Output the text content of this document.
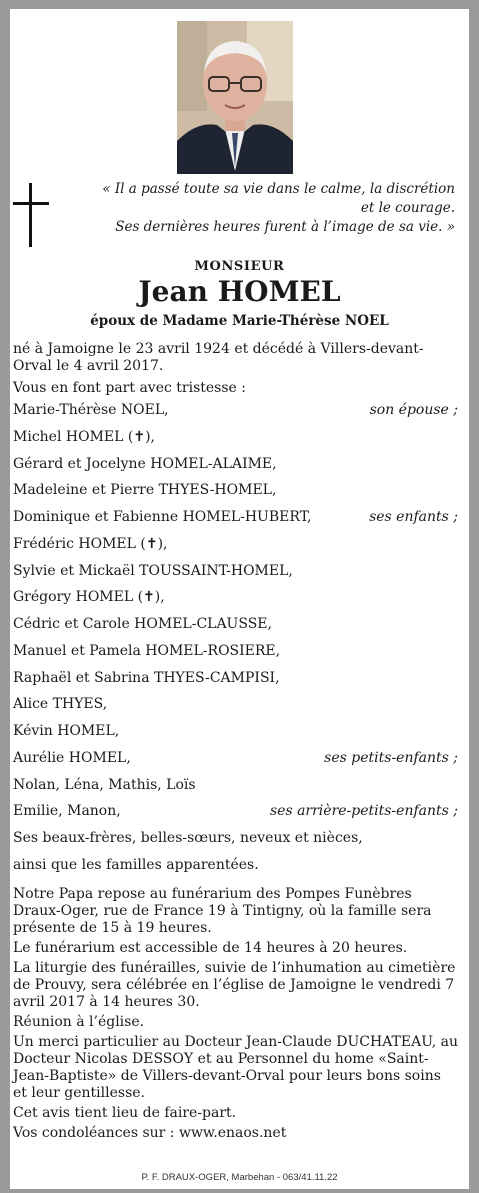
« Il a passé toute sa vie dans le calme, la discrétion
et le courage.
Ses dernières heures furent à l’image de sa vie. »
MONSIEUR
Jean HOMEL
époux de Madame Marie-Thérèse NOEL

né à Jamoigne le 23 avril 1924 et décédé à Villers-devant-Orval le 4 avril 2017.

Vous en font part avec tristesse :

Marie-Thérèse NOEL,	son épouse ;
Michel HOMEL (✝),
Gérard et Jocelyne HOMEL-ALAIME,
Madeleine et Pierre THYES-HOMEL,
Dominique et Fabienne HOMEL-HUBERT,	ses enfants ;
Frédéric HOMEL (✝),
Sylvie et Mickaël TOUSSAINT-HOMEL,
Grégory HOMEL (✝),
Cédric et Carole HOMEL-CLAUSSE,
Manuel et Pamela HOMEL-ROSIERE,
Raphaël et Sabrina THYES-CAMPISI,
Alice THYES,
Kévin HOMEL,
Aurélie HOMEL,	ses petits-enfants ;
Nolan, Léna, Mathis, Loïs
Emilie, Manon,	ses arrière-petits-enfants ;
Ses beaux-frères, belles-sœurs, neveux et nièces,
ainsi que les familles apparentées.

Notre Papa repose au funérarium des Pompes Funèbres Draux-Oger, rue de France 19 à Tintigny, où la famille sera présente de 15 à 19 heures.

Le funérarium est accessible de 14 heures à 20 heures.

La liturgie des funérailles, suivie de l’inhumation au cimetière de Prouvy, sera célébrée en l’église de Jamoigne le vendredi 7 avril 2017 à 14 heures 30.

Réunion à l’église.

Un merci particulier au Docteur Jean-Claude DUCHATEAU, au Docteur Nicolas DESSOY et au Personnel du home «Saint-Jean-Baptiste» de Villers-devant-Orval pour leurs bons soins et leur gentillesse.

Cet avis tient lieu de faire-part.

Vos condoléances sur : www.enaos.net

P. F. DRAUX-OGER, Marbehan - 063/41.11.22
